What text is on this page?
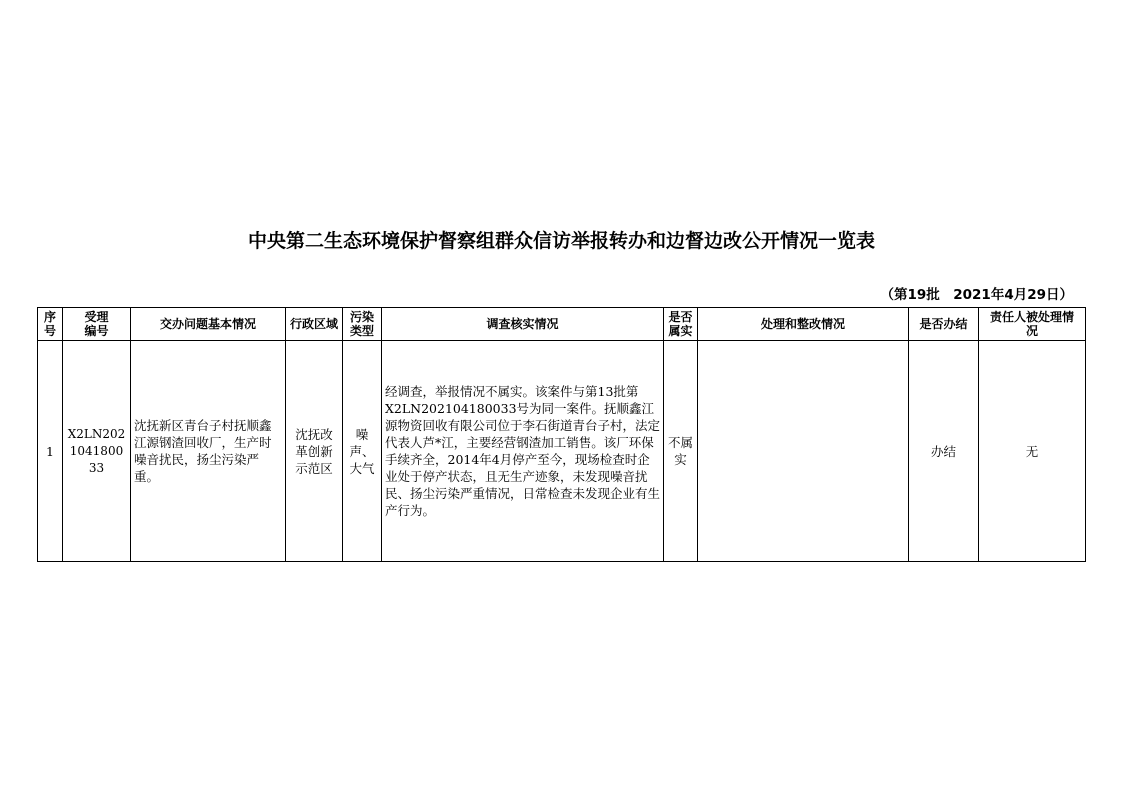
中央第二生态环境保护督察组群众信访举报转办和边督边改公开情况一览表
（第19批　2021年4月29日）
序号	受理编号	交办问题基本情况	行政区域	污染类型	调查核实情况	是否属实	处理和整改情况	是否办结	责任人被处理情况
1	X2LN202104180033	沈抚新区青台子村抚顺鑫江源钢渣回收厂，生产时噪音扰民，扬尘污染严重。	沈抚改革创新示范区	噪声、大气	经调查，举报情况不属实。该案件与第13批第X2LN202104180033号为同一案件。抚顺鑫江源物资回收有限公司位于李石街道青台子村，法定代表人芦*江，主要经营钢渣加工销售。该厂环保手续齐全，2014年4月停产至今，现场检查时企业处于停产状态，且无生产迹象，未发现噪音扰民、扬尘污染严重情况，日常检查未发现企业有生产行为。	不属实		办结	无
